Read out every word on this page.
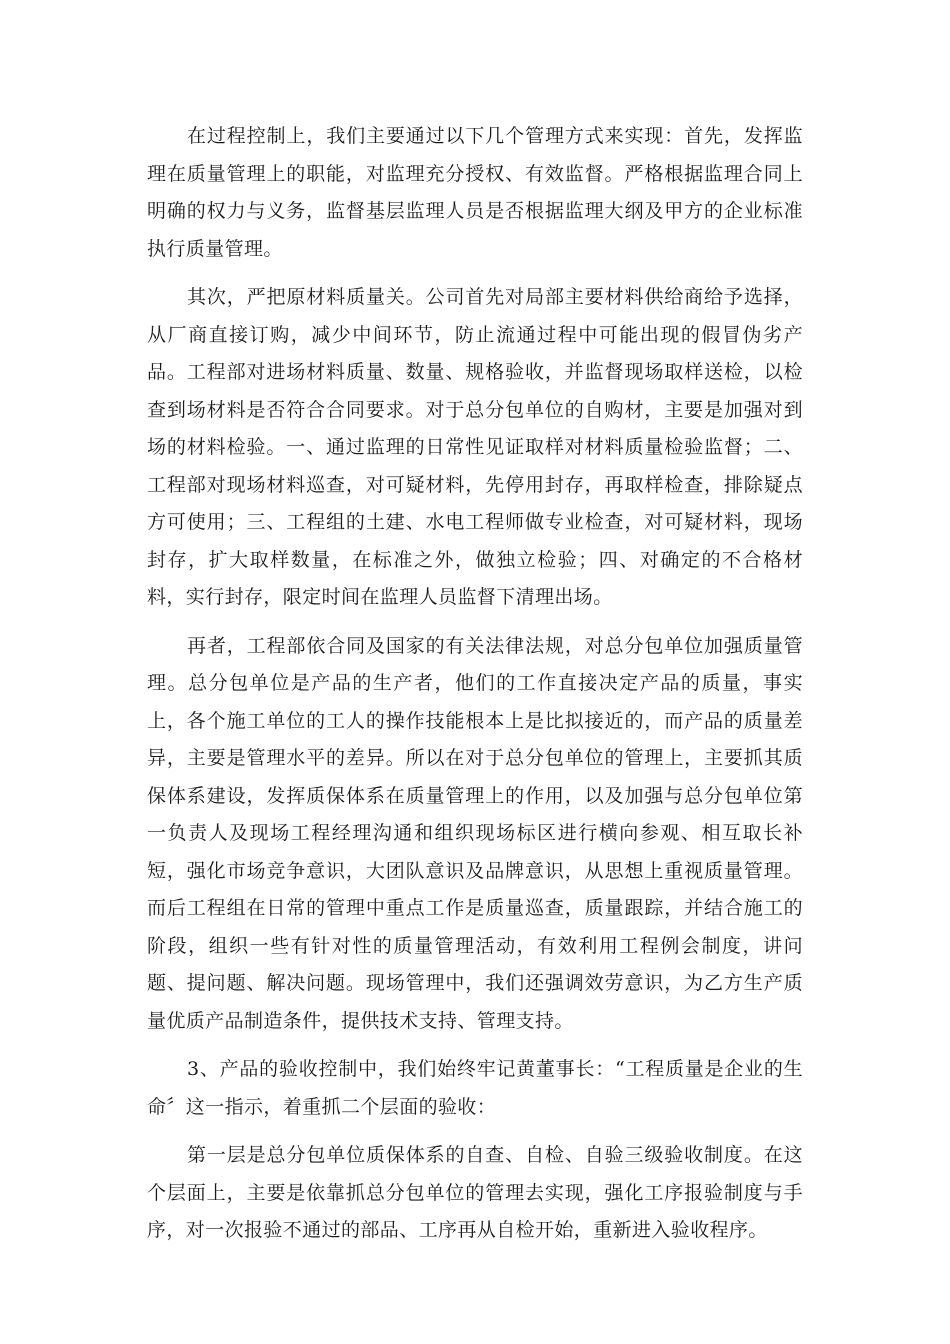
在过程控制上，我们主要通过以下几个管理方式来实现：首先，发挥监理在质量管理上的职能，对监理充分授权、有效监督。严格根据监理合同上明确的权力与义务，监督基层监理人员是否根据监理大纲及甲方的企业标准执行质量管理。

其次，严把原材料质量关。公司首先对局部主要材料供给商给予选择，从厂商直接订购，减少中间环节，防止流通过程中可能出现的假冒伪劣产品。工程部对进场材料质量、数量、规格验收，并监督现场取样送检，以检查到场材料是否符合合同要求。对于总分包单位的自购材，主要是加强对到场的材料检验。一、通过监理的日常性见证取样对材料质量检验监督；二、工程部对现场材料巡查，对可疑材料，先停用封存，再取样检查，排除疑点方可使用；三、工程组的土建、水电工程师做专业检查，对可疑材料，现场封存，扩大取样数量，在标准之外，做独立检验；四、对确定的不合格材料，实行封存，限定时间在监理人员监督下清理出场。

再者，工程部依合同及国家的有关法律法规，对总分包单位加强质量管理。总分包单位是产品的生产者，他们的工作直接决定产品的质量，事实上，各个施工单位的工人的操作技能根本上是比拟接近的，而产品的质量差异，主要是管理水平的差异。所以在对于总分包单位的管理上，主要抓其质保体系建设，发挥质保体系在质量管理上的作用，以及加强与总分包单位第一负责人及现场工程经理沟通和组织现场标区进行横向参观、相互取长补短，强化市场竞争意识，大团队意识及品牌意识，从思想上重视质量管理。而后工程组在日常的管理中重点工作是质量巡查，质量跟踪，并结合施工的阶段，组织一些有针对性的质量管理活动，有效利用工程例会制度，讲问题、提问题、解决问题。现场管理中，我们还强调效劳意识，为乙方生产质量优质产品制造条件，提供技术支持、管理支持。

3、产品的验收控制中，我们始终牢记黄董事长：“工程质量是企业的生命〞这一指示，着重抓二个层面的验收：

第一层是总分包单位质保体系的自查、自检、自验三级验收制度。在这个层面上，主要是依靠抓总分包单位的管理去实现，强化工序报验制度与手序，对一次报验不通过的部品、工序再从自检开始，重新进入验收程序。
